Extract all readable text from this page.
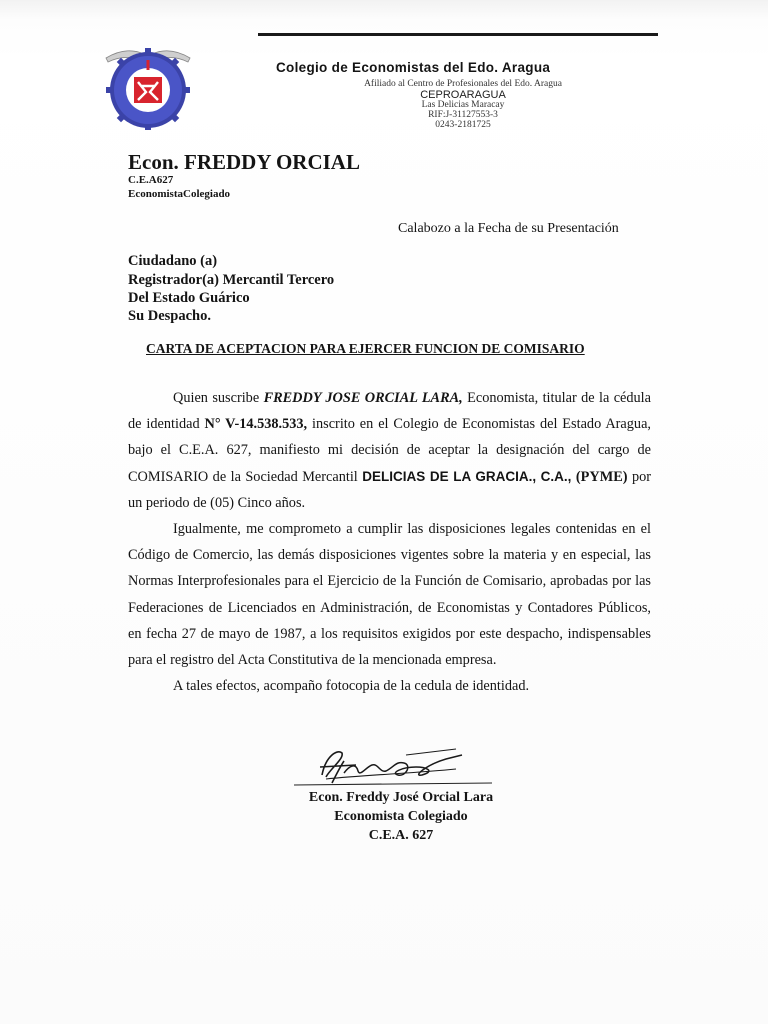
Colegio de Economistas del Edo. Aragua
Afiliado al Centro de Profesionales del Edo. Aragua
CEPROARAGUA
Las Delicias Maracay
RIF:J-31127553-3
0243-2181725
Econ. FREDDY ORCIAL
C.E.A627
EconomistaColegiado
Calabozo a la Fecha de su Presentación
Ciudadano (a)
Registrador(a) Mercantil Tercero
Del Estado Guárico
Su Despacho.
CARTA DE ACEPTACION PARA EJERCER FUNCION DE COMISARIO

Quien suscribe FREDDY JOSE ORCIAL LARA, Economista, titular de la cédula de identidad N° V-14.538.533, inscrito en el Colegio de Economistas del Estado Aragua, bajo el C.E.A. 627, manifiesto mi decisión de aceptar la designación del cargo de COMISARIO de la Sociedad Mercantil DELICIAS DE LA GRACIA., C.A., (PYME) por un periodo de (05) Cinco años.

Igualmente, me comprometo a cumplir las disposiciones legales contenidas en el Código de Comercio, las demás disposiciones vigentes sobre la materia y en especial, las Normas Interprofesionales para el Ejercicio de la Función de Comisario, aprobadas por las Federaciones de Licenciados en Administración, de Economistas y Contadores Públicos, en fecha 27 de mayo de 1987, a los requisitos exigidos por este despacho, indispensables para el registro del Acta Constitutiva de la mencionada empresa.

A tales efectos, acompaño fotocopia de la cedula de identidad.

Econ. Freddy José Orcial Lara
Economista Colegiado
C.E.A. 627
